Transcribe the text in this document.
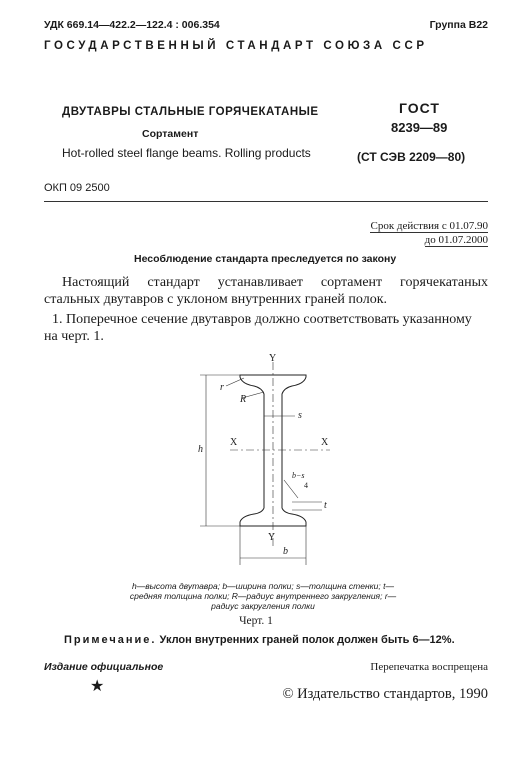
УДК 669.14—422.2—122.4 : 006.354	Группа В22
ГОСУДАРСТВЕННЫЙ СТАНДАРТ СОЮЗА ССР
ДВУТАВРЫ СТАЛЬНЫЕ ГОРЯЧЕКАТАНЫЕ
Сортамент
Hot-rolled steel flange beams. Rolling products
ГОСТ
8239—89
(СТ СЭВ 2209—80)
ОКП 09 2500
Срок действия с 01.07.90
до 01.07.2000
Несоблюдение стандарта преследуется по закону
Настоящий стандарт устанавливает сортамент горячекатаных стальных двутавров с уклоном внутренних граней полок.
1. Поперечное сечение двутавров должно соответствовать указанному на черт. 1.
Y
Y
X	X
r
R
s
h
b
b−s
4
t
h—высота двутавра; b—ширина полки; s—толщина стенки; t—средняя толщина полки; R—радиус внутреннего закругления; r—радиус закругления полки
Черт. 1
Примечание. Уклон внутренних граней полок должен быть 6—12%.
Издание официальное	Перепечатка воспрещена
★	© Издательство стандартов, 1990
